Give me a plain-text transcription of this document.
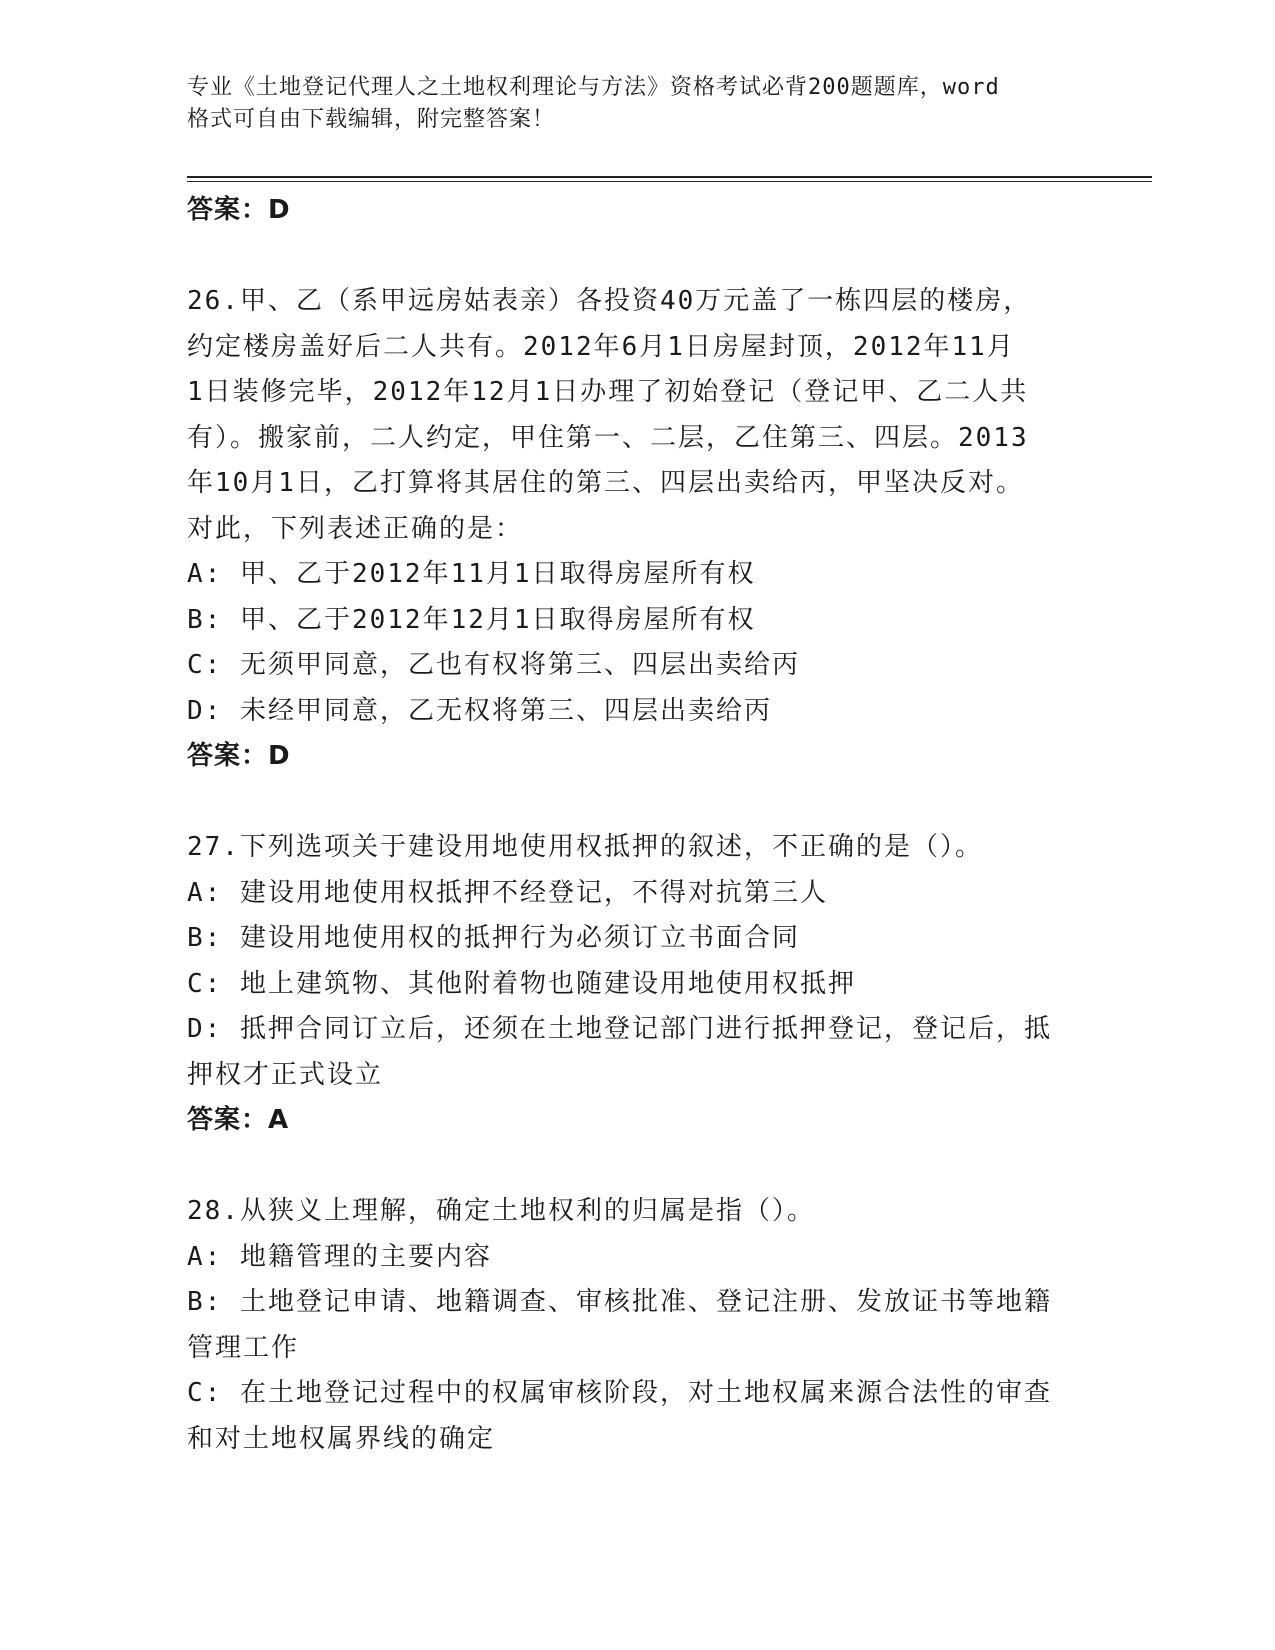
专业《土地登记代理人之土地权利理论与方法》资格考试必背200题题库，word
格式可自由下载编辑，附完整答案！
答案：D
26.甲、乙（系甲远房姑表亲）各投资40万元盖了一栋四层的楼房，
约定楼房盖好后二人共有。2012年6月1日房屋封顶，2012年11月
1日装修完毕，2012年12月1日办理了初始登记（登记甲、乙二人共
有）。搬家前，二人约定，甲住第一、二层，乙住第三、四层。2013
年10月1日，乙打算将其居住的第三、四层出卖给丙，甲坚决反对。
对此，下列表述正确的是：
A: 甲、乙于2012年11月1日取得房屋所有权
B: 甲、乙于2012年12月1日取得房屋所有权
C: 无须甲同意，乙也有权将第三、四层出卖给丙
D: 未经甲同意，乙无权将第三、四层出卖给丙
答案：D
27.下列选项关于建设用地使用权抵押的叙述，不正确的是（）。
A: 建设用地使用权抵押不经登记，不得对抗第三人
B: 建设用地使用权的抵押行为必须订立书面合同
C: 地上建筑物、其他附着物也随建设用地使用权抵押
D: 抵押合同订立后，还须在土地登记部门进行抵押登记，登记后，抵
押权才正式设立
答案：A
28.从狭义上理解，确定土地权利的归属是指（）。
A: 地籍管理的主要内容
B: 土地登记申请、地籍调查、审核批准、登记注册、发放证书等地籍
管理工作
C: 在土地登记过程中的权属审核阶段，对土地权属来源合法性的审查
和对土地权属界线的确定
